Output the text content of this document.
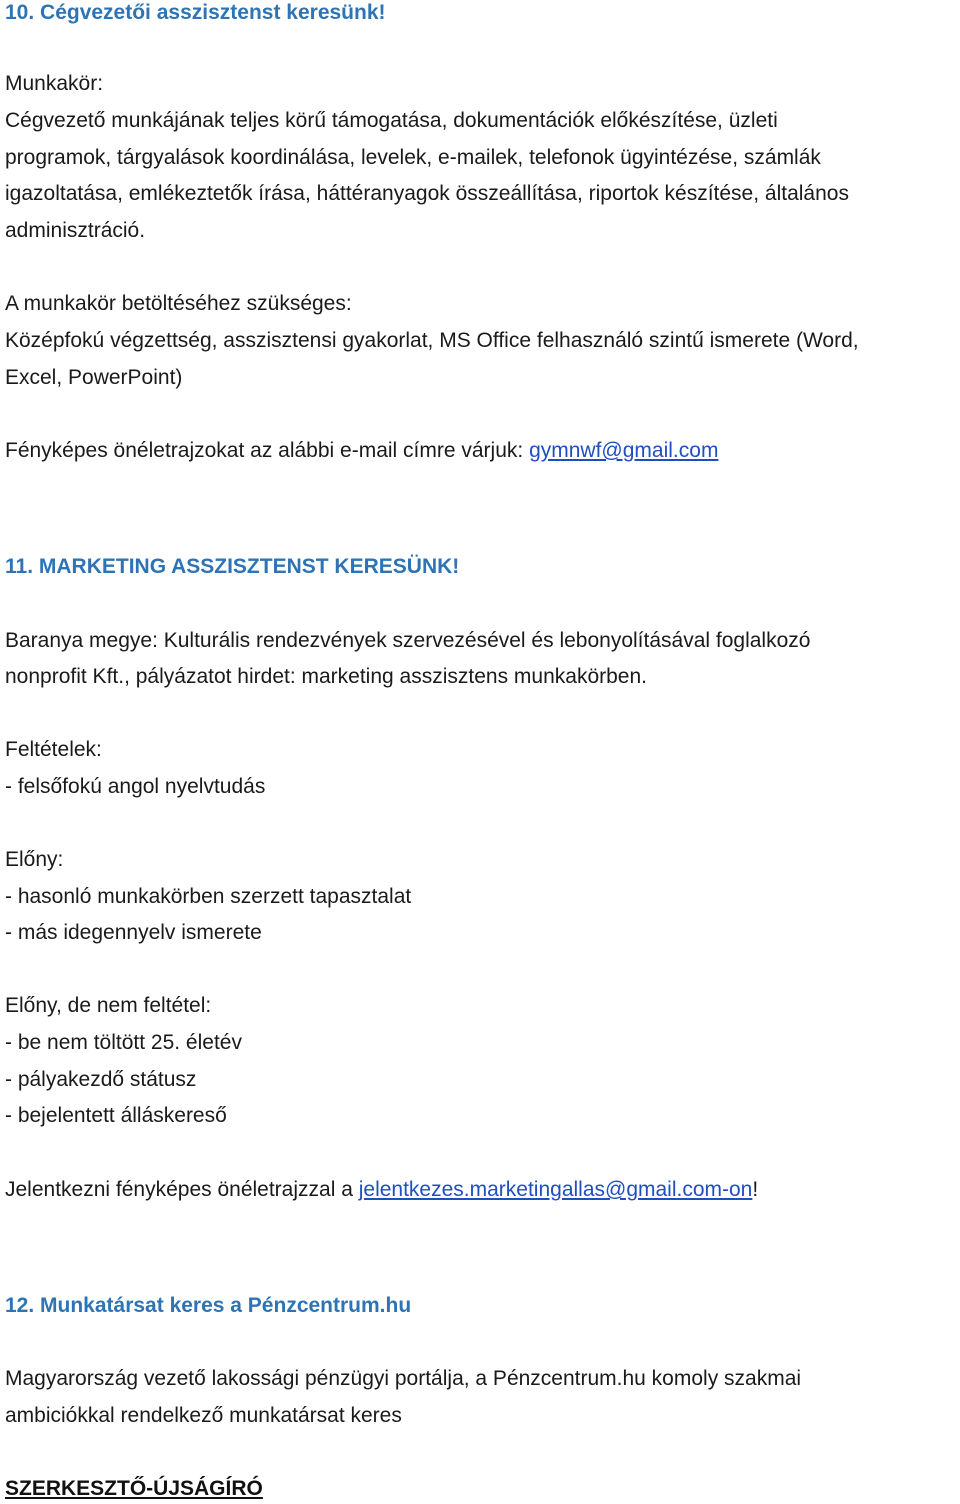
10. Cégvezetői asszisztenst keresünk!
Munkakör:
Cégvezető munkájának teljes körű támogatása, dokumentációk előkészítése, üzleti
programok, tárgyalások koordinálása, levelek, e-mailek, telefonok ügyintézése, számlák
igazoltatása, emlékeztetők írása, háttéranyagok összeállítása, riportok készítése, általános
adminisztráció.
A munkakör betöltéséhez szükséges:
Középfokú végzettség, asszisztensi gyakorlat, MS Office felhasználó szintű ismerete (Word,
Excel, PowerPoint)
Fényképes önéletrajzokat az alábbi e-mail címre várjuk: gymnwf@gmail.com
11. MARKETING ASSZISZTENST KERESÜNK!
Baranya megye: Kulturális rendezvények szervezésével és lebonyolításával foglalkozó
nonprofit Kft., pályázatot hirdet: marketing asszisztens munkakörben.
Feltételek:
- felsőfokú angol nyelvtudás
Előny:
- hasonló munkakörben szerzett tapasztalat
- más idegennyelv ismerete
Előny, de nem feltétel:
- be nem töltött 25. életév
- pályakezdő státusz
- bejelentett álláskereső
Jelentkezni fényképes önéletrajzzal a jelentkezes.marketingallas@gmail.com-on!
12. Munkatársat keres a Pénzcentrum.hu
Magyarország vezető lakossági pénzügyi portálja, a Pénzcentrum.hu komoly szakmai
ambiciókkal rendelkező munkatársat keres
SZERKESZTŐ-ÚJSÁGÍRÓ
